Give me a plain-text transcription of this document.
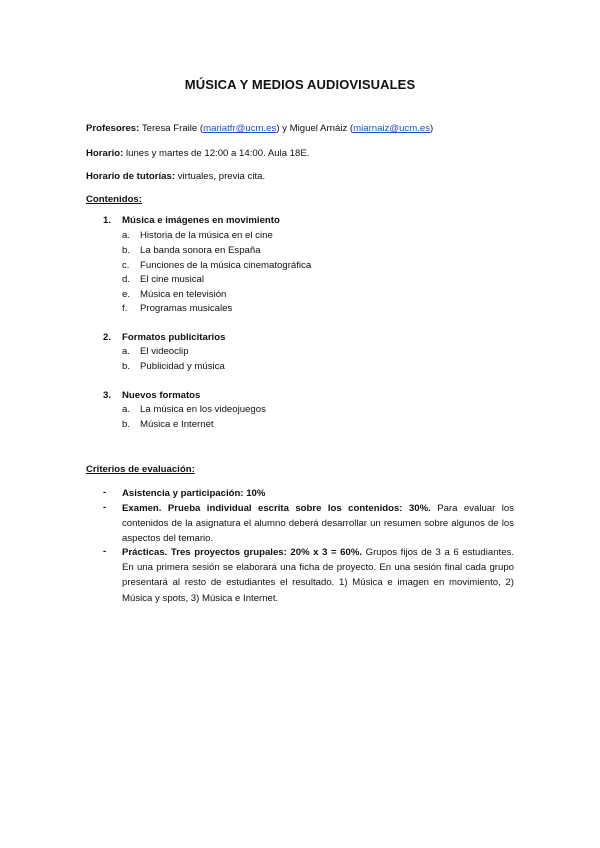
MÚSICA Y MEDIOS AUDIOVISUALES
Profesores: Teresa Fraile (mariatfr@ucm.es) y Miguel Arnáiz (miarnaiz@ucm.es)
Horario: lunes y martes de 12:00 a 14:00. Aula 18E.
Horario de tutorías: virtuales, previa cita.
Contenidos:
1. Música e imágenes en movimiento
a. Historia de la música en el cine
b. La banda sonora en España
c. Funciones de la música cinematográfica
d. El cine musical
e. Música en televisión
f. Programas musicales
2. Formatos publicitarios
a. El videoclip
b. Publicidad y música
3. Nuevos formatos
a. La música en los videojuegos
b. Música e Internet
Criterios de evaluación:
- Asistencia y participación: 10%
- Examen. Prueba individual escrita sobre los contenidos: 30%. Para evaluar los contenidos de la asignatura el alumno deberá desarrollar un resumen sobre algunos de los aspectos del temario.
- Prácticas. Tres proyectos grupales: 20% x 3 = 60%. Grupos fijos de 3 a 6 estudiantes. En una primera sesión se elaborará una ficha de proyecto. En una sesión final cada grupo presentará al resto de estudiantes el resultado. 1) Música e imagen en movimiento, 2) Música y spots, 3) Música e Internet.
